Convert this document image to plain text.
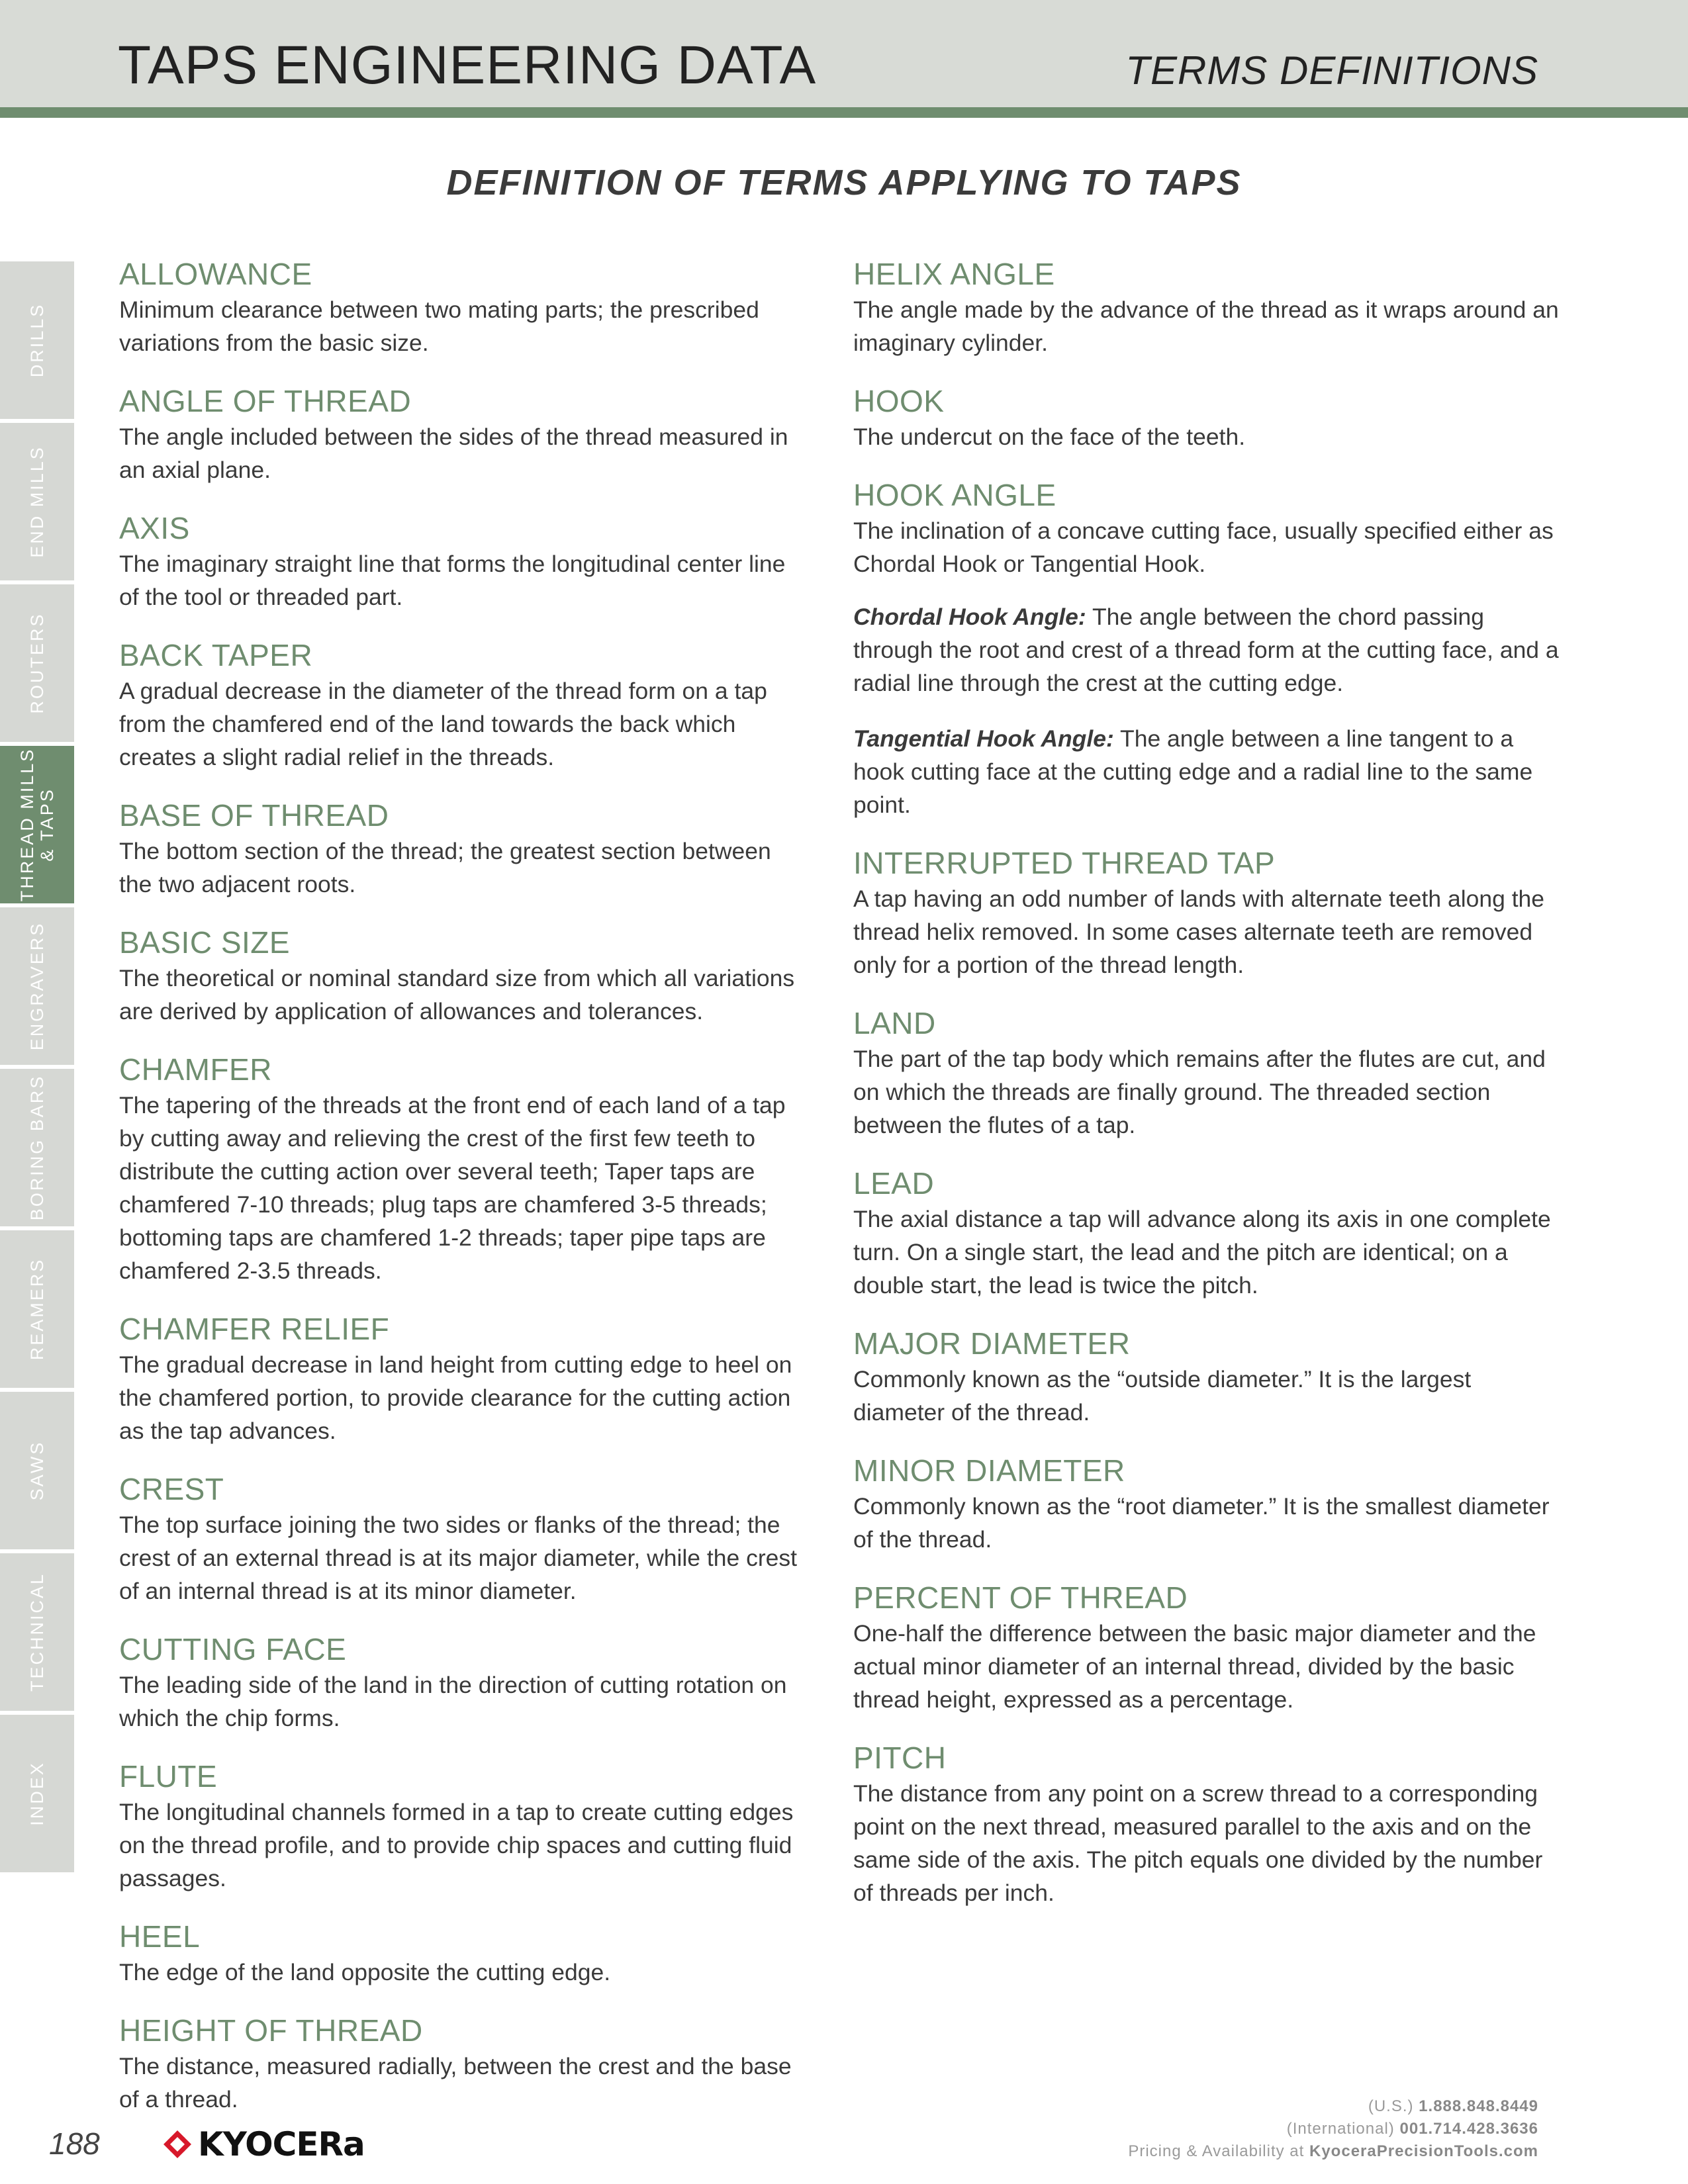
TAPS ENGINEERING DATA	TERMS DEFINITIONS
DEFINITION OF TERMS APPLYING TO TAPS
DRILLS
END MILLS
ROUTERS
THREAD MILLS & TAPS
ENGRAVERS
BORING BARS
REAMERS
SAWS
TECHNICAL
INDEX
ALLOWANCE
Minimum clearance between two mating parts; the prescribed variations from the basic size.
ANGLE OF THREAD
The angle included between the sides of the thread measured in an axial plane.
AXIS
The imaginary straight line that forms the longitudinal center line of the tool or threaded part.
BACK TAPER
A gradual decrease in the diameter of the thread form on a tap from the chamfered end of the land towards the back which creates a slight radial relief in the threads.
BASE OF THREAD
The bottom section of the thread; the greatest section between the two adjacent roots.
BASIC SIZE
The theoretical or nominal standard size from which all variations are derived by application of allowances and tolerances.
CHAMFER
The tapering of the threads at the front end of each land of a tap by cutting away and relieving the crest of the first few teeth to distribute the cutting action over several teeth; Taper taps are chamfered 7-10 threads; plug taps are chamfered 3-5 threads; bottoming taps are chamfered 1-2 threads; taper pipe taps are chamfered 2-3.5 threads.
CHAMFER RELIEF
The gradual decrease in land height from cutting edge to heel on the chamfered portion, to provide clearance for the cutting action as the tap advances.
CREST
The top surface joining the two sides or flanks of the thread; the crest of an external thread is at its major diameter, while the crest of an internal thread is at its minor diameter.
CUTTING FACE
The leading side of the land in the direction of cutting rotation on which the chip forms.
FLUTE
The longitudinal channels formed in a tap to create cutting edges on the thread profile, and to provide chip spaces and cutting fluid passages.
HEEL
The edge of the land opposite the cutting edge.
HEIGHT OF THREAD
The distance, measured radially, between the crest and the base of a thread.
HELIX ANGLE
The angle made by the advance of the thread as it wraps around an imaginary cylinder.
HOOK
The undercut on the face of the teeth.
HOOK ANGLE
The inclination of a concave cutting face, usually specified either as Chordal Hook or Tangential Hook.
Chordal Hook Angle: The angle between the chord passing through the root and crest of a thread form at the cutting face, and a radial line through the crest at the cutting edge.
Tangential Hook Angle: The angle between a line tangent to a hook cutting face at the cutting edge and a radial line to the same point.
INTERRUPTED THREAD TAP
A tap having an odd number of lands with alternate teeth along the thread helix removed. In some cases alternate teeth are removed only for a portion of the thread length.
LAND
The part of the tap body which remains after the flutes are cut, and on which the threads are finally ground. The threaded section between the flutes of a tap.
LEAD
The axial distance a tap will advance along its axis in one complete turn. On a single start, the lead and the pitch are identical; on a double start, the lead is twice the pitch.
MAJOR DIAMETER
Commonly known as the “outside diameter.” It is the largest diameter of the thread.
MINOR DIAMETER
Commonly known as the “root diameter.” It is the smallest diameter of the thread.
PERCENT OF THREAD
One-half the difference between the basic major diameter and the actual minor diameter of an internal thread, divided by the basic thread height, expressed as a percentage.
PITCH
The distance from any point on a screw thread to a corresponding point on the next thread, measured parallel to the axis and on the same side of the axis. The pitch equals one divided by the number of threads per inch.
188	KYOCERa
(U.S.) 1.888.848.8449
(International) 001.714.428.3636
Pricing & Availability at KyoceraPrecisionTools.com
